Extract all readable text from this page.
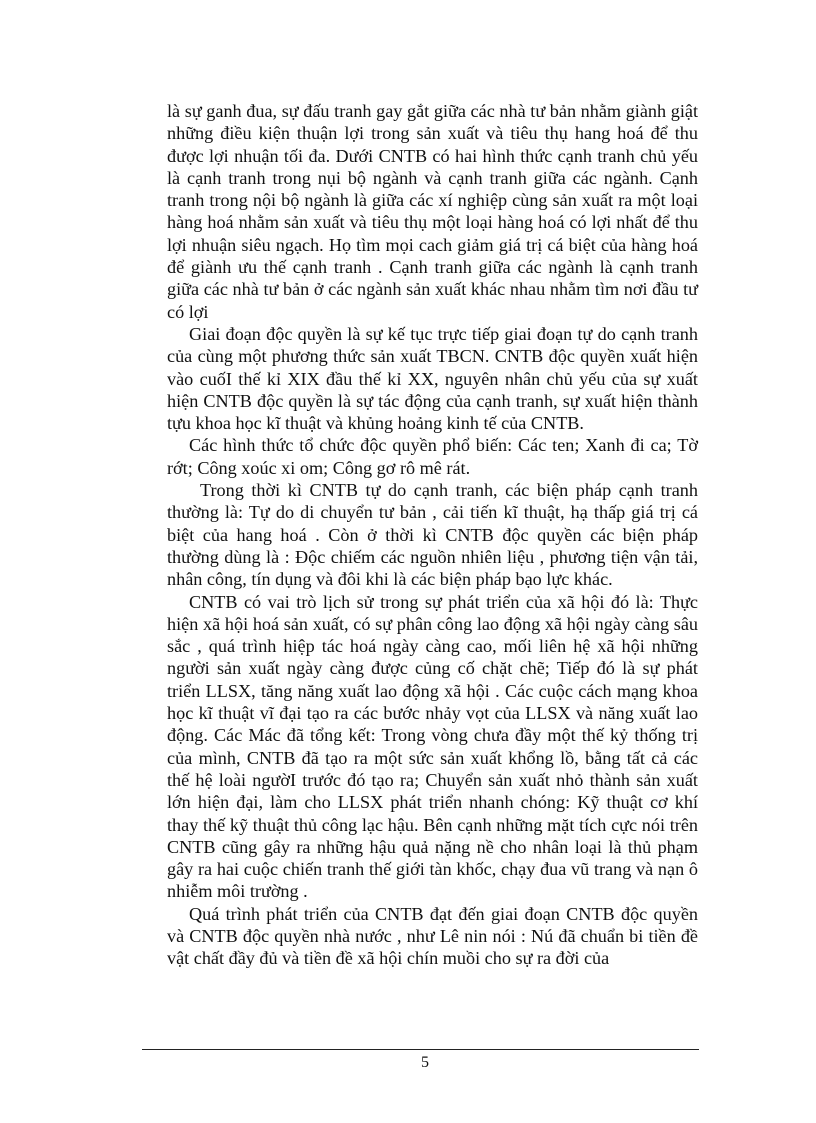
là sự ganh đua, sự đấu tranh gay gắt giữa các nhà tư bản nhằm giành giật những điều kiện thuận lợi trong sản xuất và tiêu thụ hang hoá để thu được lợi nhuận tối đa. Dưới CNTB có hai hình thức cạnh tranh chủ yếu là cạnh tranh trong nụi bộ ngành và cạnh tranh giữa các ngành. Cạnh tranh trong nội bộ ngành là giữa các xí nghiệp cùng sản xuất ra một loại hàng hoá nhằm sản xuất và tiêu thụ một loại hàng hoá có lợi nhất để thu lợi nhuận siêu ngạch. Họ tìm mọi cach giảm giá trị cá biệt của hàng hoá để giành ưu thế cạnh tranh . Cạnh tranh giữa các ngành là cạnh tranh giữa các nhà tư bản ở các ngành sản xuất khác nhau nhằm tìm nơi đầu tư có lợi

Giai đoạn độc quyền là sự kế tục trực tiếp giai đoạn tự do cạnh tranh của cùng một phương thức sản xuất TBCN. CNTB độc quyền xuất hiện vào cuốI thế kỉ XIX đầu thế kỉ XX, nguyên nhân chủ yếu của sự xuất hiện CNTB độc quyền là sự tác động của cạnh tranh, sự xuất hiện thành tựu khoa học kĩ thuật và khủng hoảng kinh tế của CNTB.

Các hình thức tổ chức độc quyền phổ biến: Các ten; Xanh đi ca; Tờ rớt; Công xoúc xi om; Công gơ rô mê rát.

Trong thời kì CNTB tự do cạnh tranh, các biện pháp cạnh tranh thường là: Tự do di chuyển tư bản , cải tiến kĩ thuật, hạ thấp giá trị cá biệt của hang hoá . Còn ở thời kì CNTB độc quyền các biện pháp thường dùng là : Độc chiếm các nguồn nhiên liệu , phương tiện vận tải, nhân công, tín dụng và đôi khi là các biện pháp bạo lực khác.

CNTB có vai trò lịch sử trong sự phát triển của xã hội đó là: Thực hiện xã hội hoá sản xuất, có sự phân công lao động xã hội ngày càng sâu sắc , quá trình hiệp tác hoá ngày càng cao, mối liên hệ xã hội những người sản xuất ngày càng được củng cố chặt chẽ; Tiếp đó là sự phát triển LLSX, tăng năng xuất lao động xã hội . Các cuộc cách mạng khoa học kĩ thuật vĩ đại tạo ra các bước nhảy vọt của LLSX và năng xuất lao động. Các Mác đã tổng kết: Trong vòng chưa đầy một thế kỷ thống trị của mình, CNTB đã tạo ra một sức sản xuất khổng lồ, bằng tất cả các thế hệ loài ngườI trước đó tạo ra; Chuyển sản xuất nhỏ thành sản xuất lớn hiện đại, làm cho LLSX phát triển nhanh chóng: Kỹ thuật cơ khí thay thế kỹ thuật thủ công lạc hậu. Bên cạnh những mặt tích cực nói trên CNTB cũng gây ra những hậu quả nặng nề cho nhân loại là thủ phạm gây ra hai cuộc chiến tranh thế giới tàn khốc, chạy đua vũ trang và nạn ô nhiễm môi trường .

Quá trình phát triển của CNTB đạt đến giai đoạn CNTB độc quyền và CNTB độc quyền nhà nước , như Lê nin nói : Nú đã chuẩn bi tiền đề vật chất đầy đủ và tiền đề xã hội chín muồi cho sự ra đời của

5
